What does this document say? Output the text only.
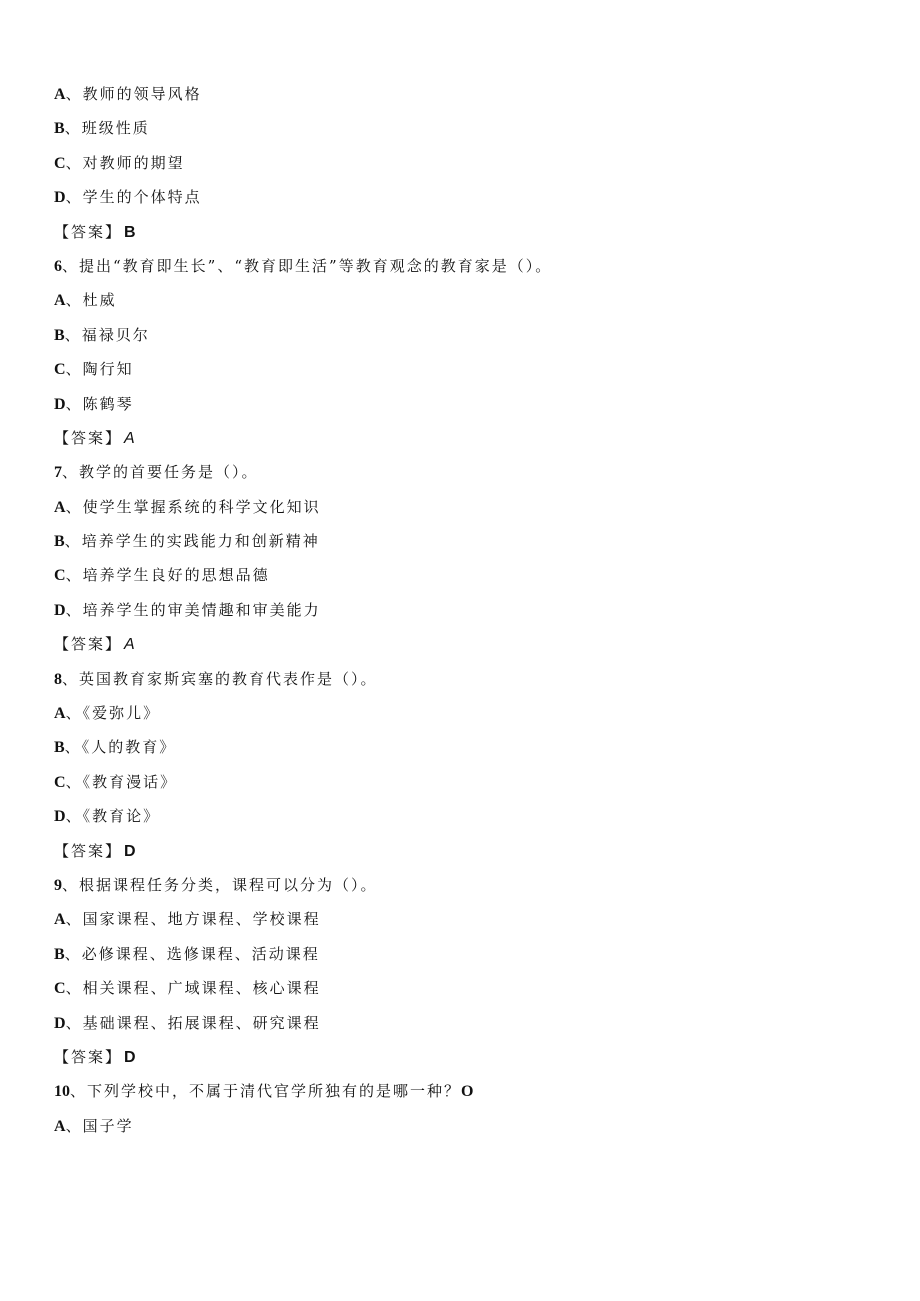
A、教师的领导风格
B、班级性质
C、对教师的期望
D、学生的个体特点
【答案】 B
6、提出“教育即生长”、“教育即生活”等教育观念的教育家是（）。
A、杜威
B、福禄贝尔
C、陶行知
D、陈鹤琴
【答案】 A
7、教学的首要任务是（）。
A、使学生掌握系统的科学文化知识
B、培养学生的实践能力和创新精神
C、培养学生良好的思想品德
D、培养学生的审美情趣和审美能力
【答案】 A
8、英国教育家斯宾塞的教育代表作是（）。
A、《爱弥儿》
B、《人的教育》
C、《教育漫话》
D、《教育论》
【答案】 D
9、根据课程任务分类，课程可以分为（）。
A、国家课程、地方课程、学校课程
B、必修课程、选修课程、活动课程
C、相关课程、广域课程、核心课程
D、基础课程、拓展课程、研究课程
【答案】 D
10、下列学校中，不属于清代官学所独有的是哪一种？O
A、国子学
